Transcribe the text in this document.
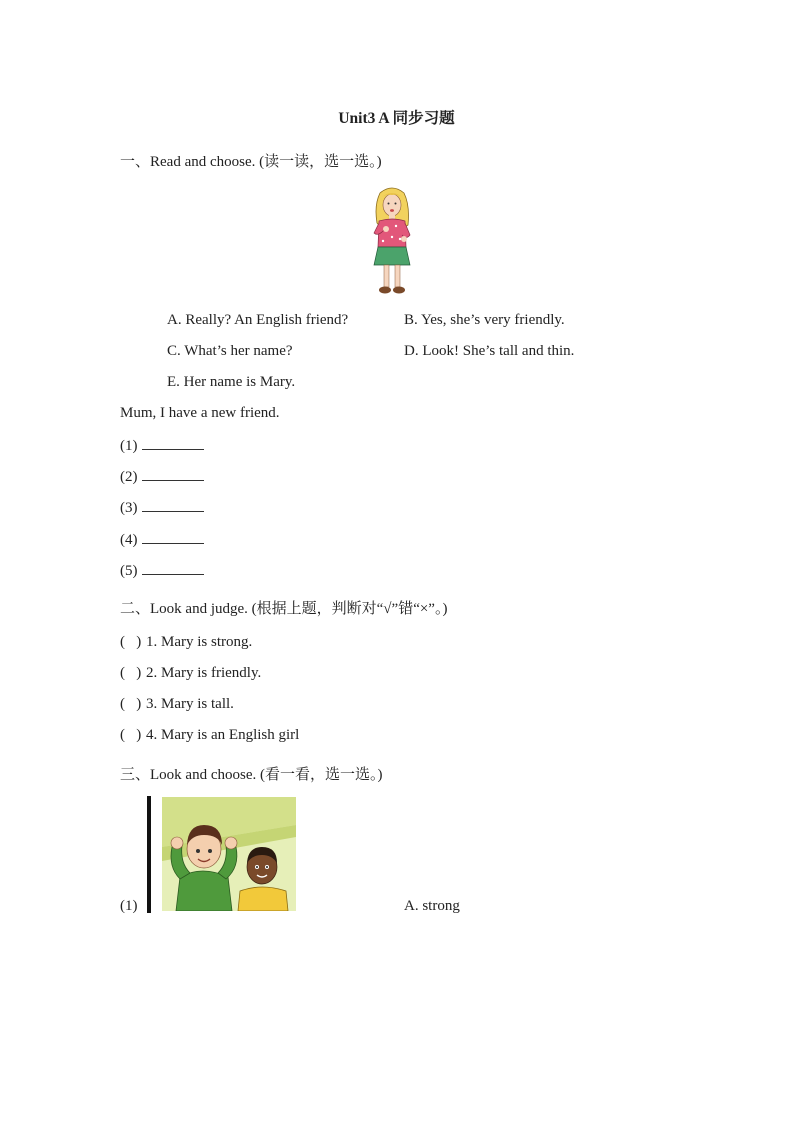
Unit3 A 同步习题
一、Read and choose. (读一读，选一选。)
A. Really? An English friend?	B. Yes, she’s very friendly.
C. What’s her name?	D. Look! She’s tall and thin.
E. Her name is Mary.
Mum, I have a new friend.
(1)
(2)
(3)
(4)
(5)
二、Look and judge. (根据上题，判断对“√”错“×”。)
( ) 1. Mary is strong.
( ) 2. Mary is friendly.
( ) 3. Mary is tall.
( ) 4. Mary is an English girl
三、Look and choose. (看一看，选一选。)
(1)	A. strong
